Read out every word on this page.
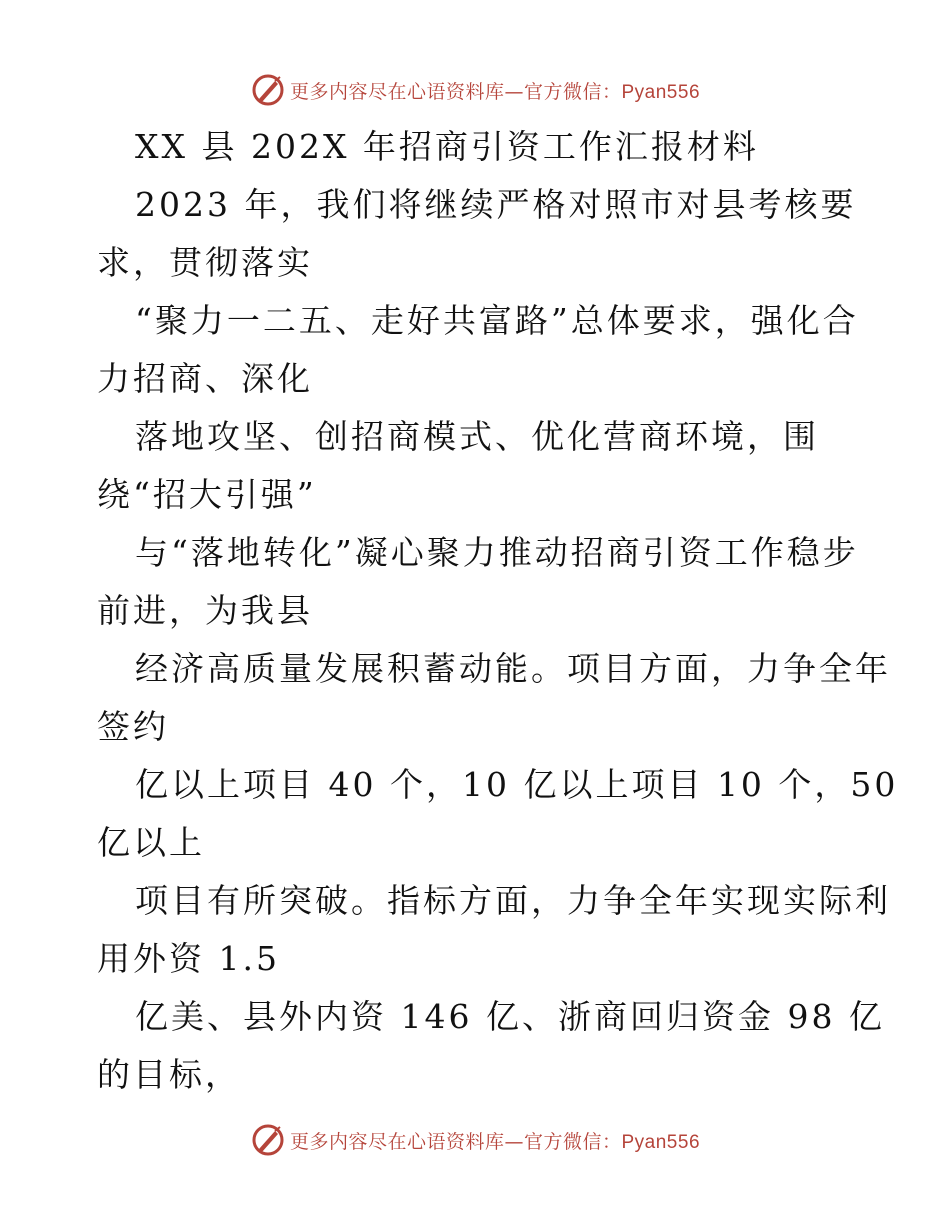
更多内容尽在心语资料库—官方微信：Pyan556
XX 县 202X 年招商引资工作汇报材料
2023 年，我们将继续严格对照市对县考核要
求，贯彻落实
“聚力一二五、走好共富路”总体要求，强化合
力招商、深化
落地攻坚、创招商模式、优化营商环境，围
绕“招大引强”
与“落地转化”凝心聚力推动招商引资工作稳步
前进，为我县
经济高质量发展积蓄动能。项目方面，力争全年
签约
亿以上项目 40 个，10 亿以上项目 10 个，50
亿以上
项目有所突破。指标方面，力争全年实现实际利
用外资 1.5
亿美、县外内资 146 亿、浙商回归资金 98 亿
的目标，
更多内容尽在心语资料库—官方微信：Pyan556
